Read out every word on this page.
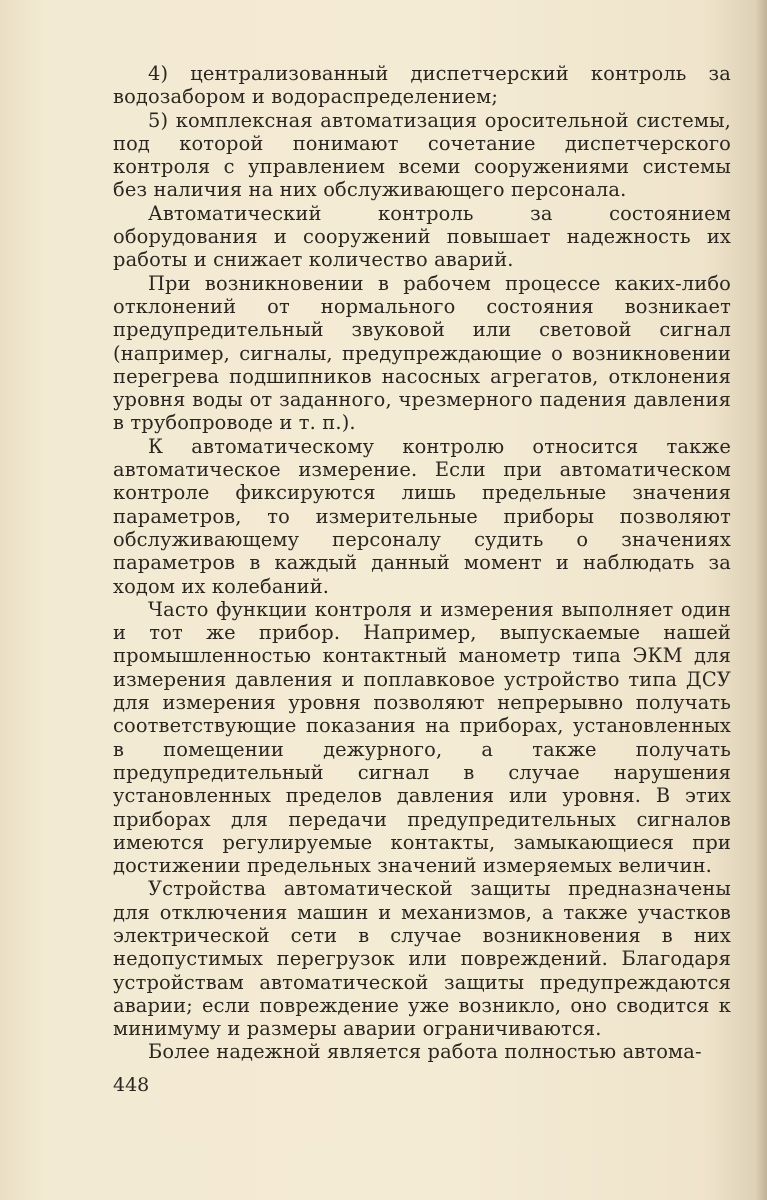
4) централизованный диспетчерский контроль за водозабором и водораспределением;

5) комплексная автоматизация оросительной системы, под которой понимают сочетание диспетчерского контроля с управлением всеми сооружениями системы без наличия на них обслуживающего персонала.

Автоматический контроль за состоянием оборудования и сооружений повышает надежность их работы и снижает количество аварий.

При возникновении в рабочем процессе каких-либо отклонений от нормального состояния возникает предупредительный звуковой или световой сигнал (например, сигналы, предупреждающие о возникновении перегрева подшипников насосных агрегатов, отклонения уровня воды от заданного, чрезмерного падения давления в трубопроводе и т. п.).

К автоматическому контролю относится также автоматическое измерение. Если при автоматическом контроле фиксируются лишь предельные значения параметров, то измерительные приборы позволяют обслуживающему персоналу судить о значениях параметров в каждый данный момент и наблюдать за ходом их колебаний.

Часто функции контроля и измерения выполняет один и тот же прибор. Например, выпускаемые нашей промышленностью контактный манометр типа ЭКМ для измерения давления и поплавковое устройство типа ДСУ для измерения уровня позволяют непрерывно получать соответствующие показания на приборах, установленных в помещении дежурного, а также получать предупредительный сигнал в случае нарушения установленных пределов давления или уровня. В этих приборах для передачи предупредительных сигналов имеются регулируемые контакты, замыкающиеся при достижении предельных значений измеряемых величин.

Устройства автоматической защиты предназначены для отключения машин и механизмов, а также участков электрической сети в случае возникновения в них недопустимых перегрузок или повреждений. Благодаря устройствам автоматической защиты предупреждаются аварии; если повреждение уже возникло, оно сводится к минимуму и размеры аварии ограничиваются.

Более надежной является работа полностью автома-

448
